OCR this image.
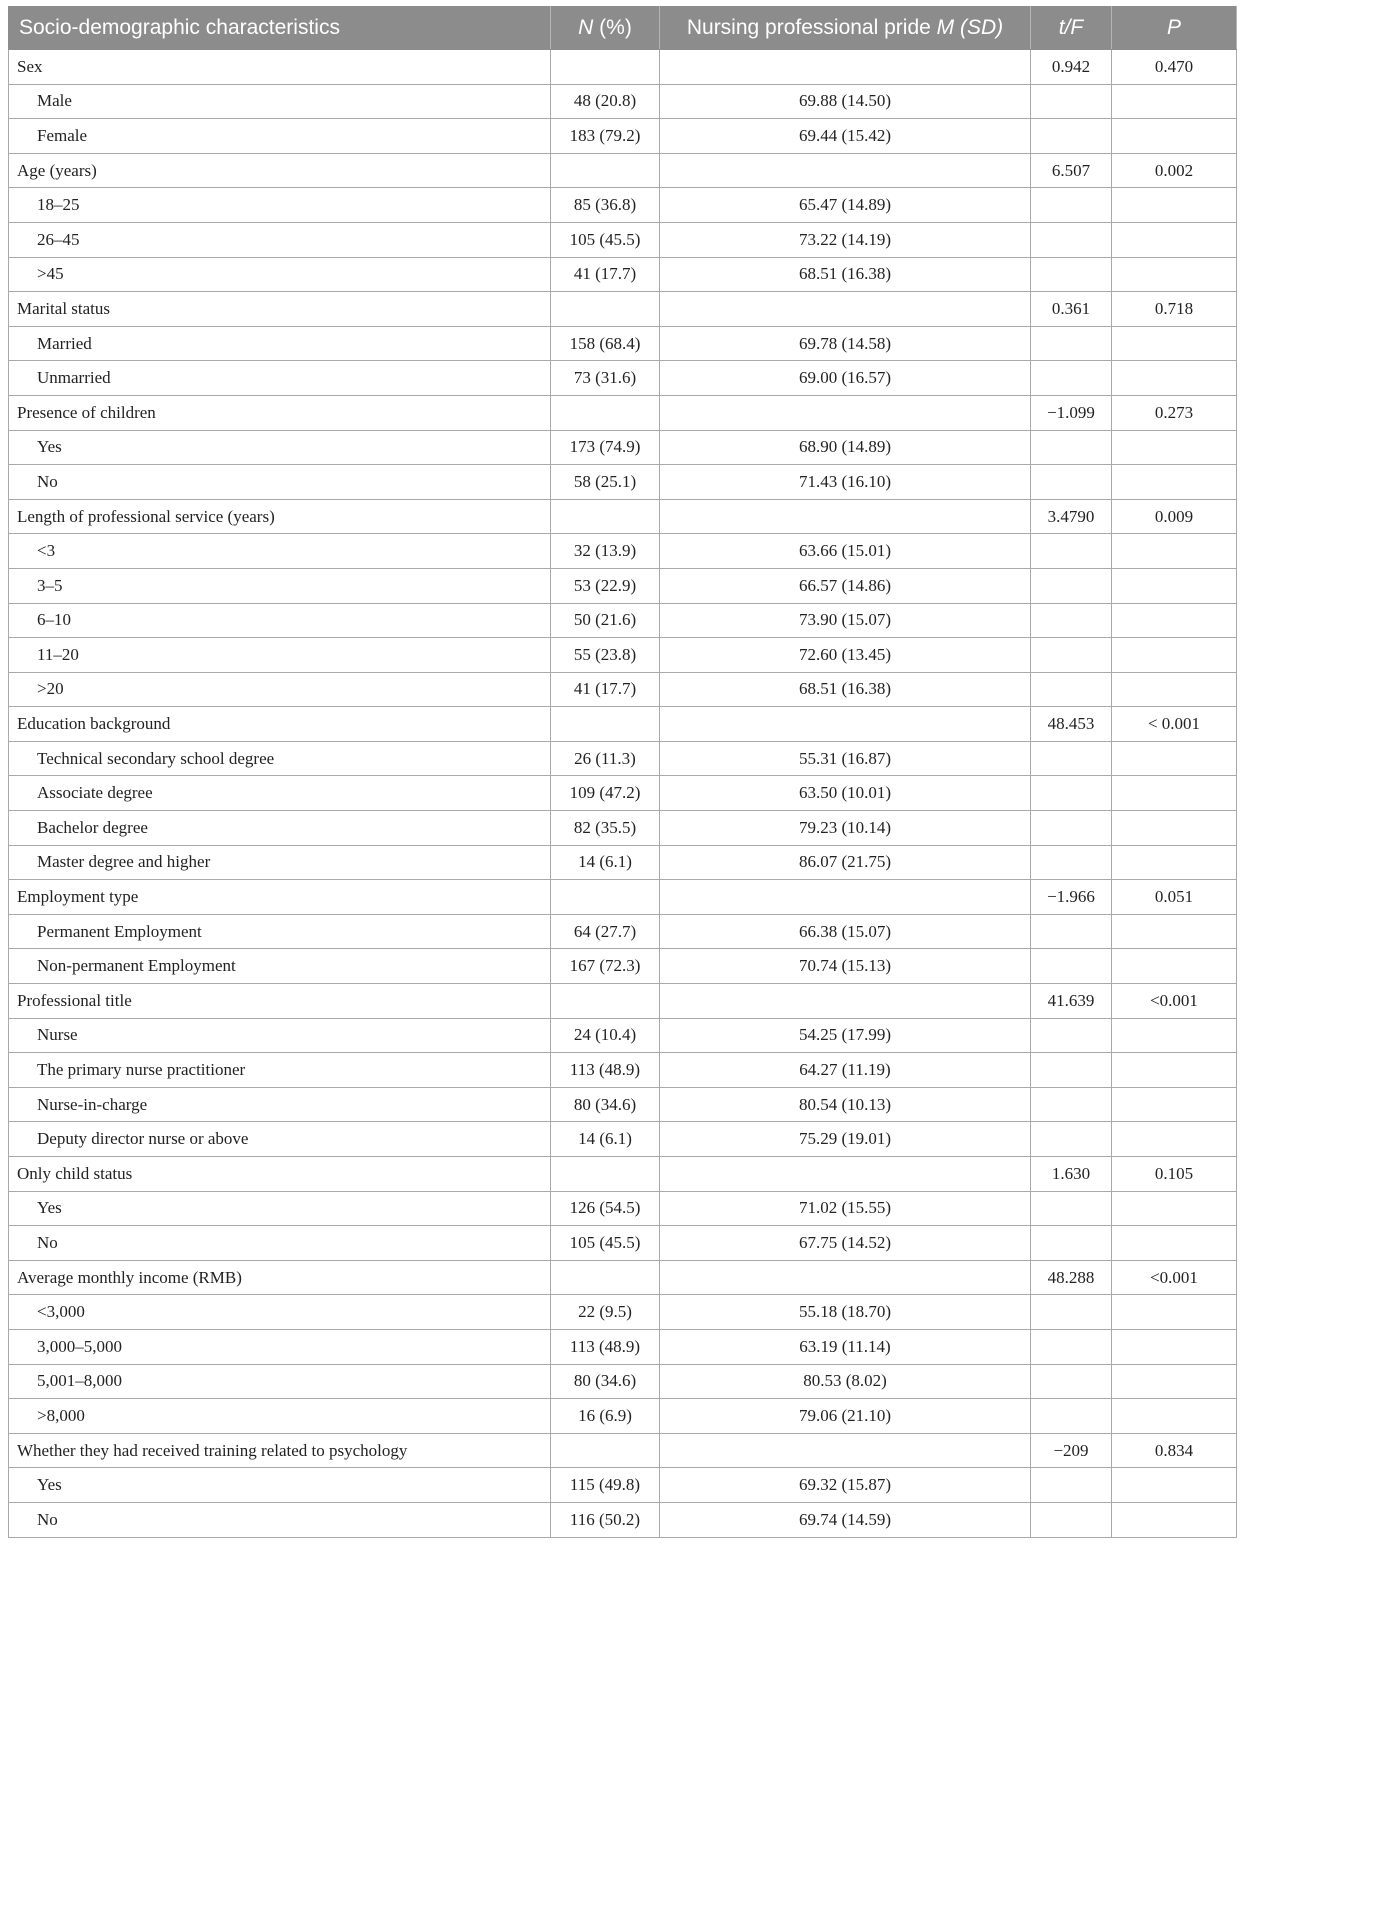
Socio-demographic characteristics	N (%)	Nursing professional pride M (SD)	t/F	P
Sex			0.942	0.470
Male	48 (20.8)	69.88 (14.50)		
Female	183 (79.2)	69.44 (15.42)		
Age (years)			6.507	0.002
18–25	85 (36.8)	65.47 (14.89)		
26–45	105 (45.5)	73.22 (14.19)		
>45	41 (17.7)	68.51 (16.38)		
Marital status			0.361	0.718
Married	158 (68.4)	69.78 (14.58)		
Unmarried	73 (31.6)	69.00 (16.57)		
Presence of children			−1.099	0.273
Yes	173 (74.9)	68.90 (14.89)		
No	58 (25.1)	71.43 (16.10)		
Length of professional service (years)			3.4790	0.009
<3	32 (13.9)	63.66 (15.01)		
3–5	53 (22.9)	66.57 (14.86)		
6–10	50 (21.6)	73.90 (15.07)		
11–20	55 (23.8)	72.60 (13.45)		
>20	41 (17.7)	68.51 (16.38)		
Education background			48.453	< 0.001
Technical secondary school degree	26 (11.3)	55.31 (16.87)		
Associate degree	109 (47.2)	63.50 (10.01)		
Bachelor degree	82 (35.5)	79.23 (10.14)		
Master degree and higher	14 (6.1)	86.07 (21.75)		
Employment type			−1.966	0.051
Permanent Employment	64 (27.7)	66.38 (15.07)		
Non-permanent Employment	167 (72.3)	70.74 (15.13)		
Professional title			41.639	<0.001
Nurse	24 (10.4)	54.25 (17.99)		
The primary nurse practitioner	113 (48.9)	64.27 (11.19)		
Nurse-in-charge	80 (34.6)	80.54 (10.13)		
Deputy director nurse or above	14 (6.1)	75.29 (19.01)		
Only child status			1.630	0.105
Yes	126 (54.5)	71.02 (15.55)		
No	105 (45.5)	67.75 (14.52)		
Average monthly income (RMB)			48.288	<0.001
<3,000	22 (9.5)	55.18 (18.70)		
3,000–5,000	113 (48.9)	63.19 (11.14)		
5,001–8,000	80 (34.6)	80.53 (8.02)		
>8,000	16 (6.9)	79.06 (21.10)		
Whether they had received training related to psychology			−209	0.834
Yes	115 (49.8)	69.32 (15.87)		
No	116 (50.2)	69.74 (14.59)		
